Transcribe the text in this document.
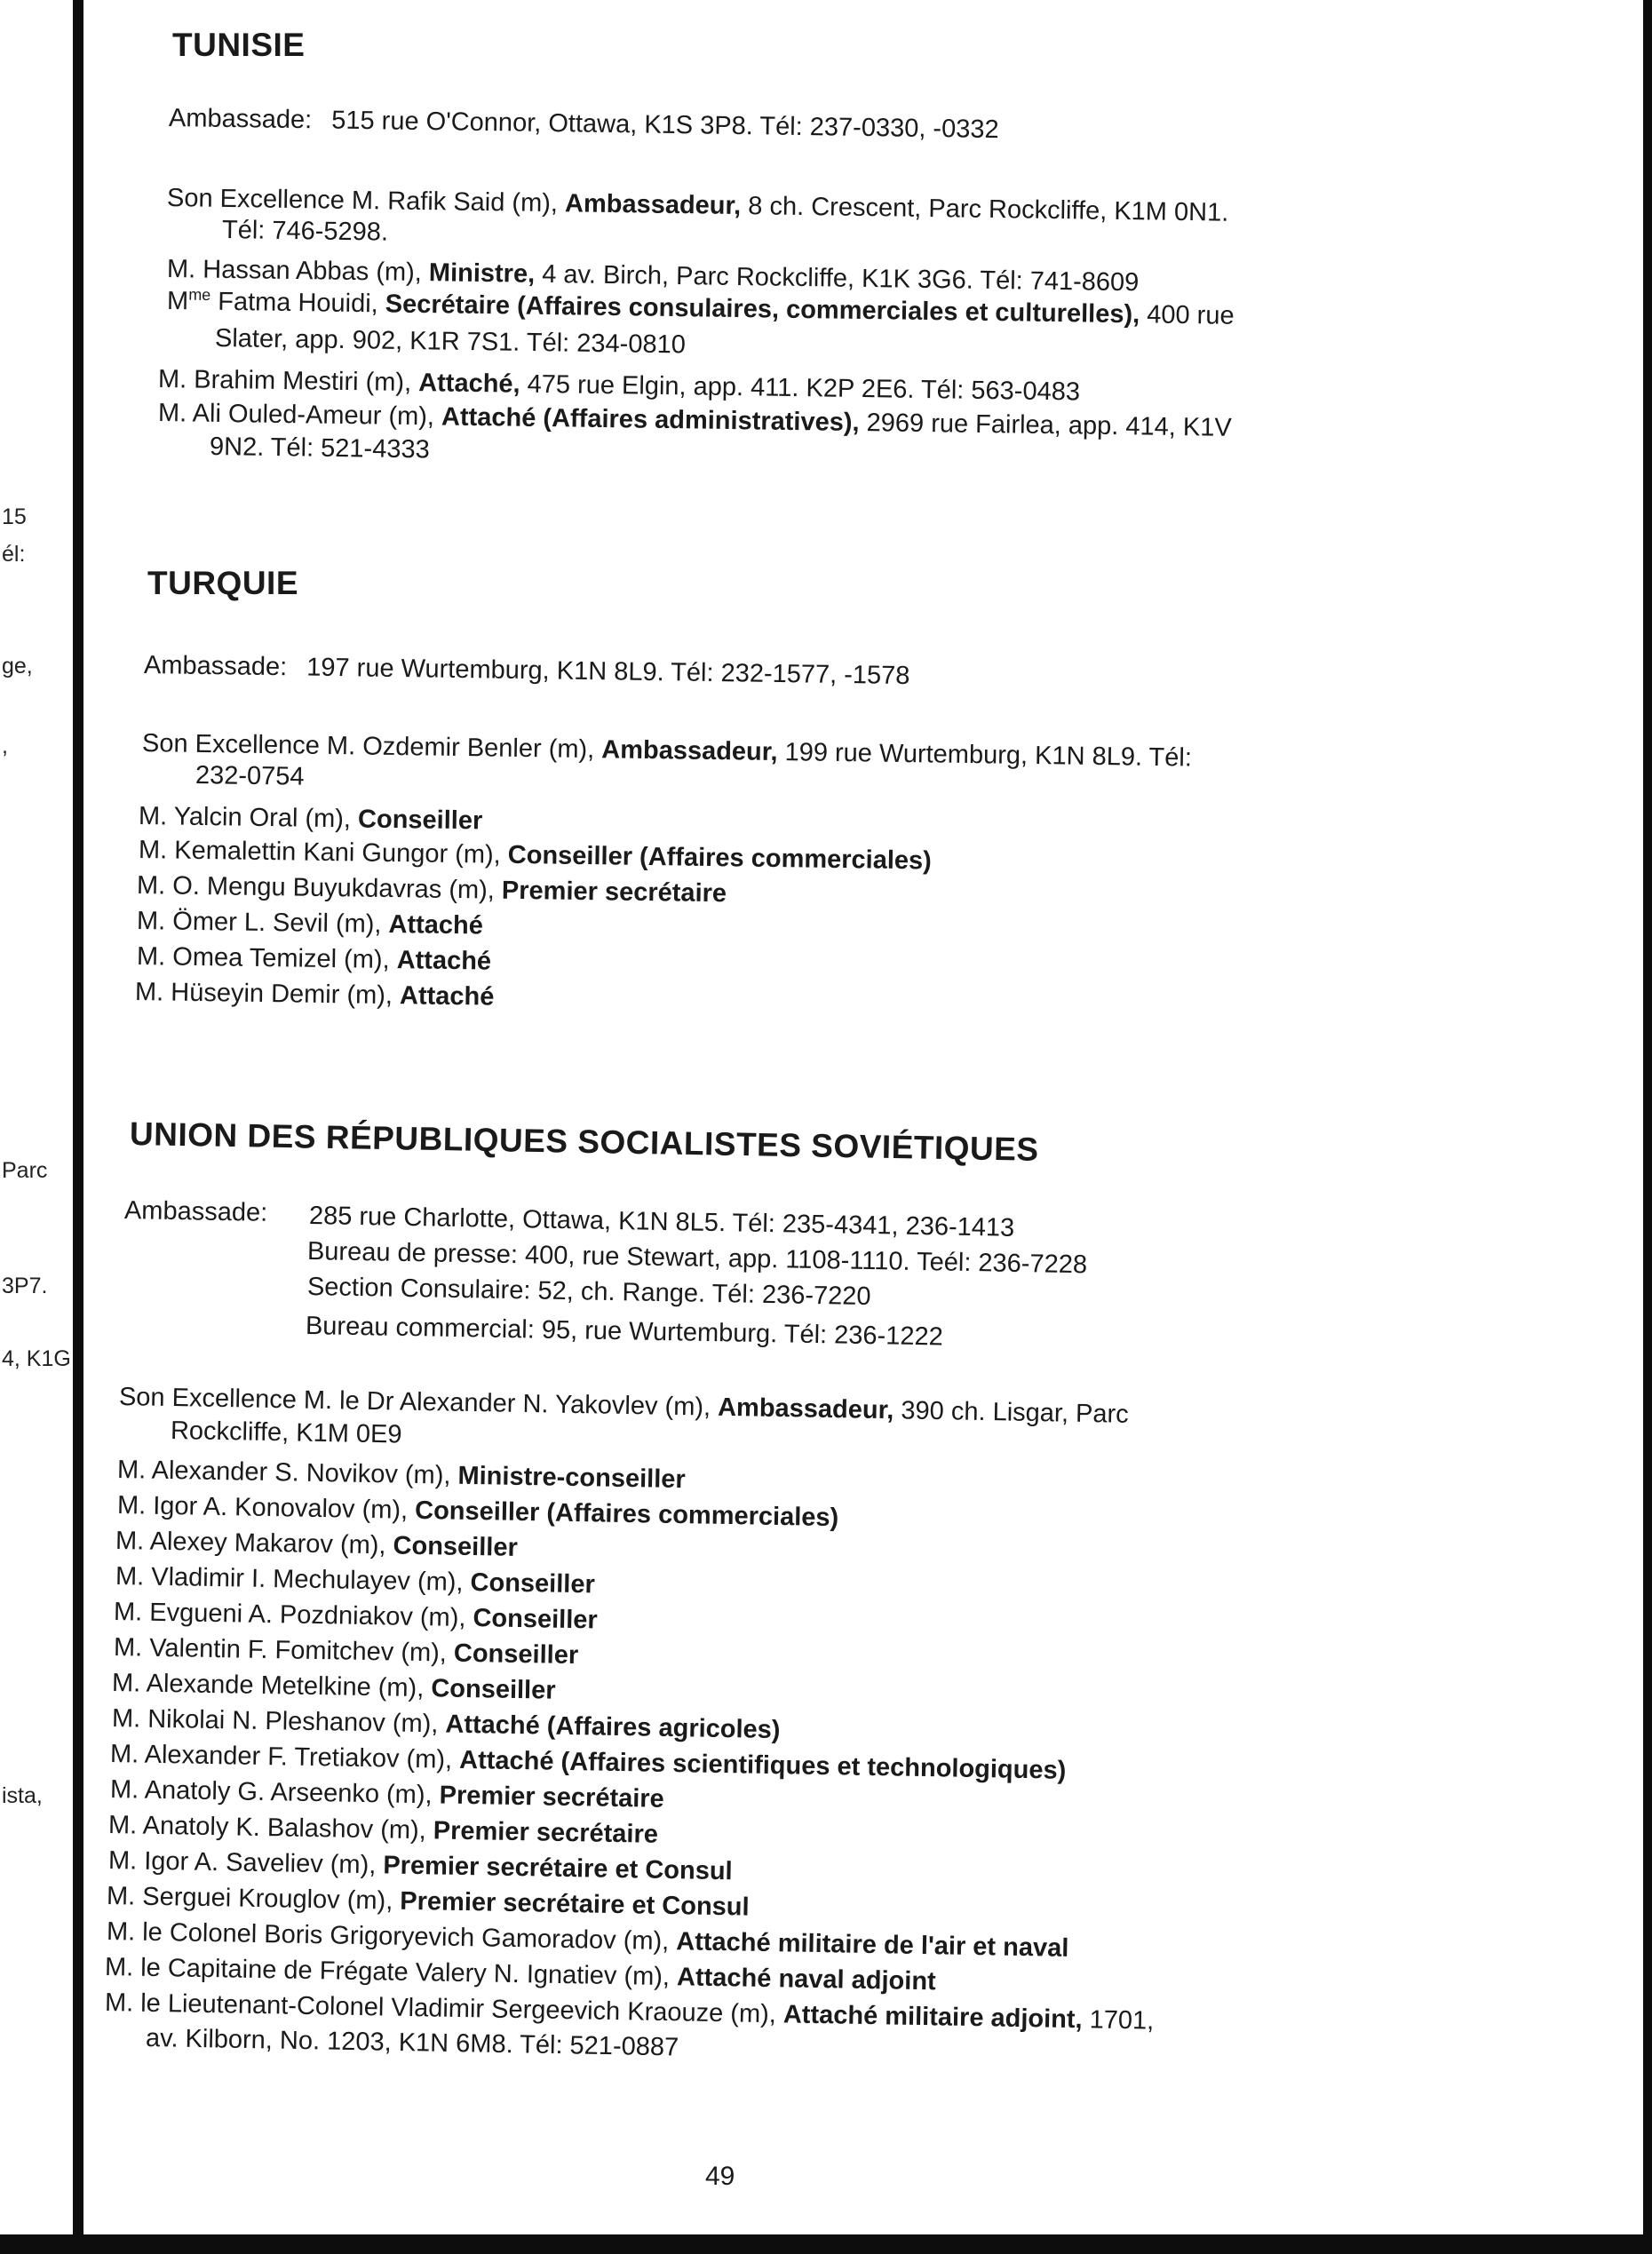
15
él:
ge,
,
Parc
3P7.
4, K1G
ista,
TUNISIE
Ambassade: 515 rue O'Connor, Ottawa, K1S 3P8. Tél: 237-0330, -0332
Son Excellence M. Rafik Said (m), Ambassadeur, 8 ch. Crescent, Parc Rockcliffe, K1M 0N1.
Tél: 746-5298.
M. Hassan Abbas (m), Ministre, 4 av. Birch, Parc Rockcliffe, K1K 3G6. Tél: 741-8609
$M^{me}$ Fatma Houidi, Secrétaire (Affaires consulaires, commerciales et culturelles), 400 rue
Slater, app. 902, K1R 7S1. Tél: 234-0810
M. Brahim Mestiri (m), Attaché, 475 rue Elgin, app. 411. K2P 2E6. Tél: 563-0483
M. Ali Ouled-Ameur (m), Attaché (Affaires administratives), 2969 rue Fairlea, app. 414, K1V
9N2. Tél: 521-4333
TURQUIE
Ambassade: 197 rue Wurtemburg, K1N 8L9. Tél: 232-1577, -1578
Son Excellence M. Ozdemir Benler (m), Ambassadeur, 199 rue Wurtemburg, K1N 8L9. Tél:
232-0754
M. Yalcin Oral (m), Conseiller
M. Kemalettin Kani Gungor (m), Conseiller (Affaires commerciales)
M. O. Mengu Buyukdavras (m), Premier secrétaire
M. Ömer L. Sevil (m), Attaché
M. Omea Temizel (m), Attaché
M. Hüseyin Demir (m), Attaché
UNION DES RÉPUBLIQUES SOCIALISTES SOVIÉTIQUES
Ambassade: 285 rue Charlotte, Ottawa, K1N 8L5. Tél: 235-4341, 236-1413
Bureau de presse: 400, rue Stewart, app. 1108-1110. Teél: 236-7228
Section Consulaire: 52, ch. Range. Tél: 236-7220
Bureau commercial: 95, rue Wurtemburg. Tél: 236-1222
Son Excellence M. le Dr Alexander N. Yakovlev (m), Ambassadeur, 390 ch. Lisgar, Parc
Rockcliffe, K1M 0E9
M. Alexander S. Novikov (m), Ministre-conseiller
M. Igor A. Konovalov (m), Conseiller (Affaires commerciales)
M. Alexey Makarov (m), Conseiller
M. Vladimir I. Mechulayev (m), Conseiller
M. Evgueni A. Pozdniakov (m), Conseiller
M. Valentin F. Fomitchev (m), Conseiller
M. Alexande Metelkine (m), Conseiller
M. Nikolai N. Pleshanov (m), Attaché (Affaires agricoles)
M. Alexander F. Tretiakov (m), Attaché (Affaires scientifiques et technologiques)
M. Anatoly G. Arseenko (m), Premier secrétaire
M. Anatoly K. Balashov (m), Premier secrétaire
M. Igor A. Saveliev (m), Premier secrétaire et Consul
M. Serguei Krouglov (m), Premier secrétaire et Consul
M. le Colonel Boris Grigoryevich Gamoradov (m), Attaché militaire de l'air et naval
M. le Capitaine de Frégate Valery N. Ignatiev (m), Attaché naval adjoint
M. le Lieutenant-Colonel Vladimir Sergeevich Kraouze (m), Attaché militaire adjoint, 1701,
av. Kilborn, No. 1203, K1N 6M8. Tél: 521-0887
49
